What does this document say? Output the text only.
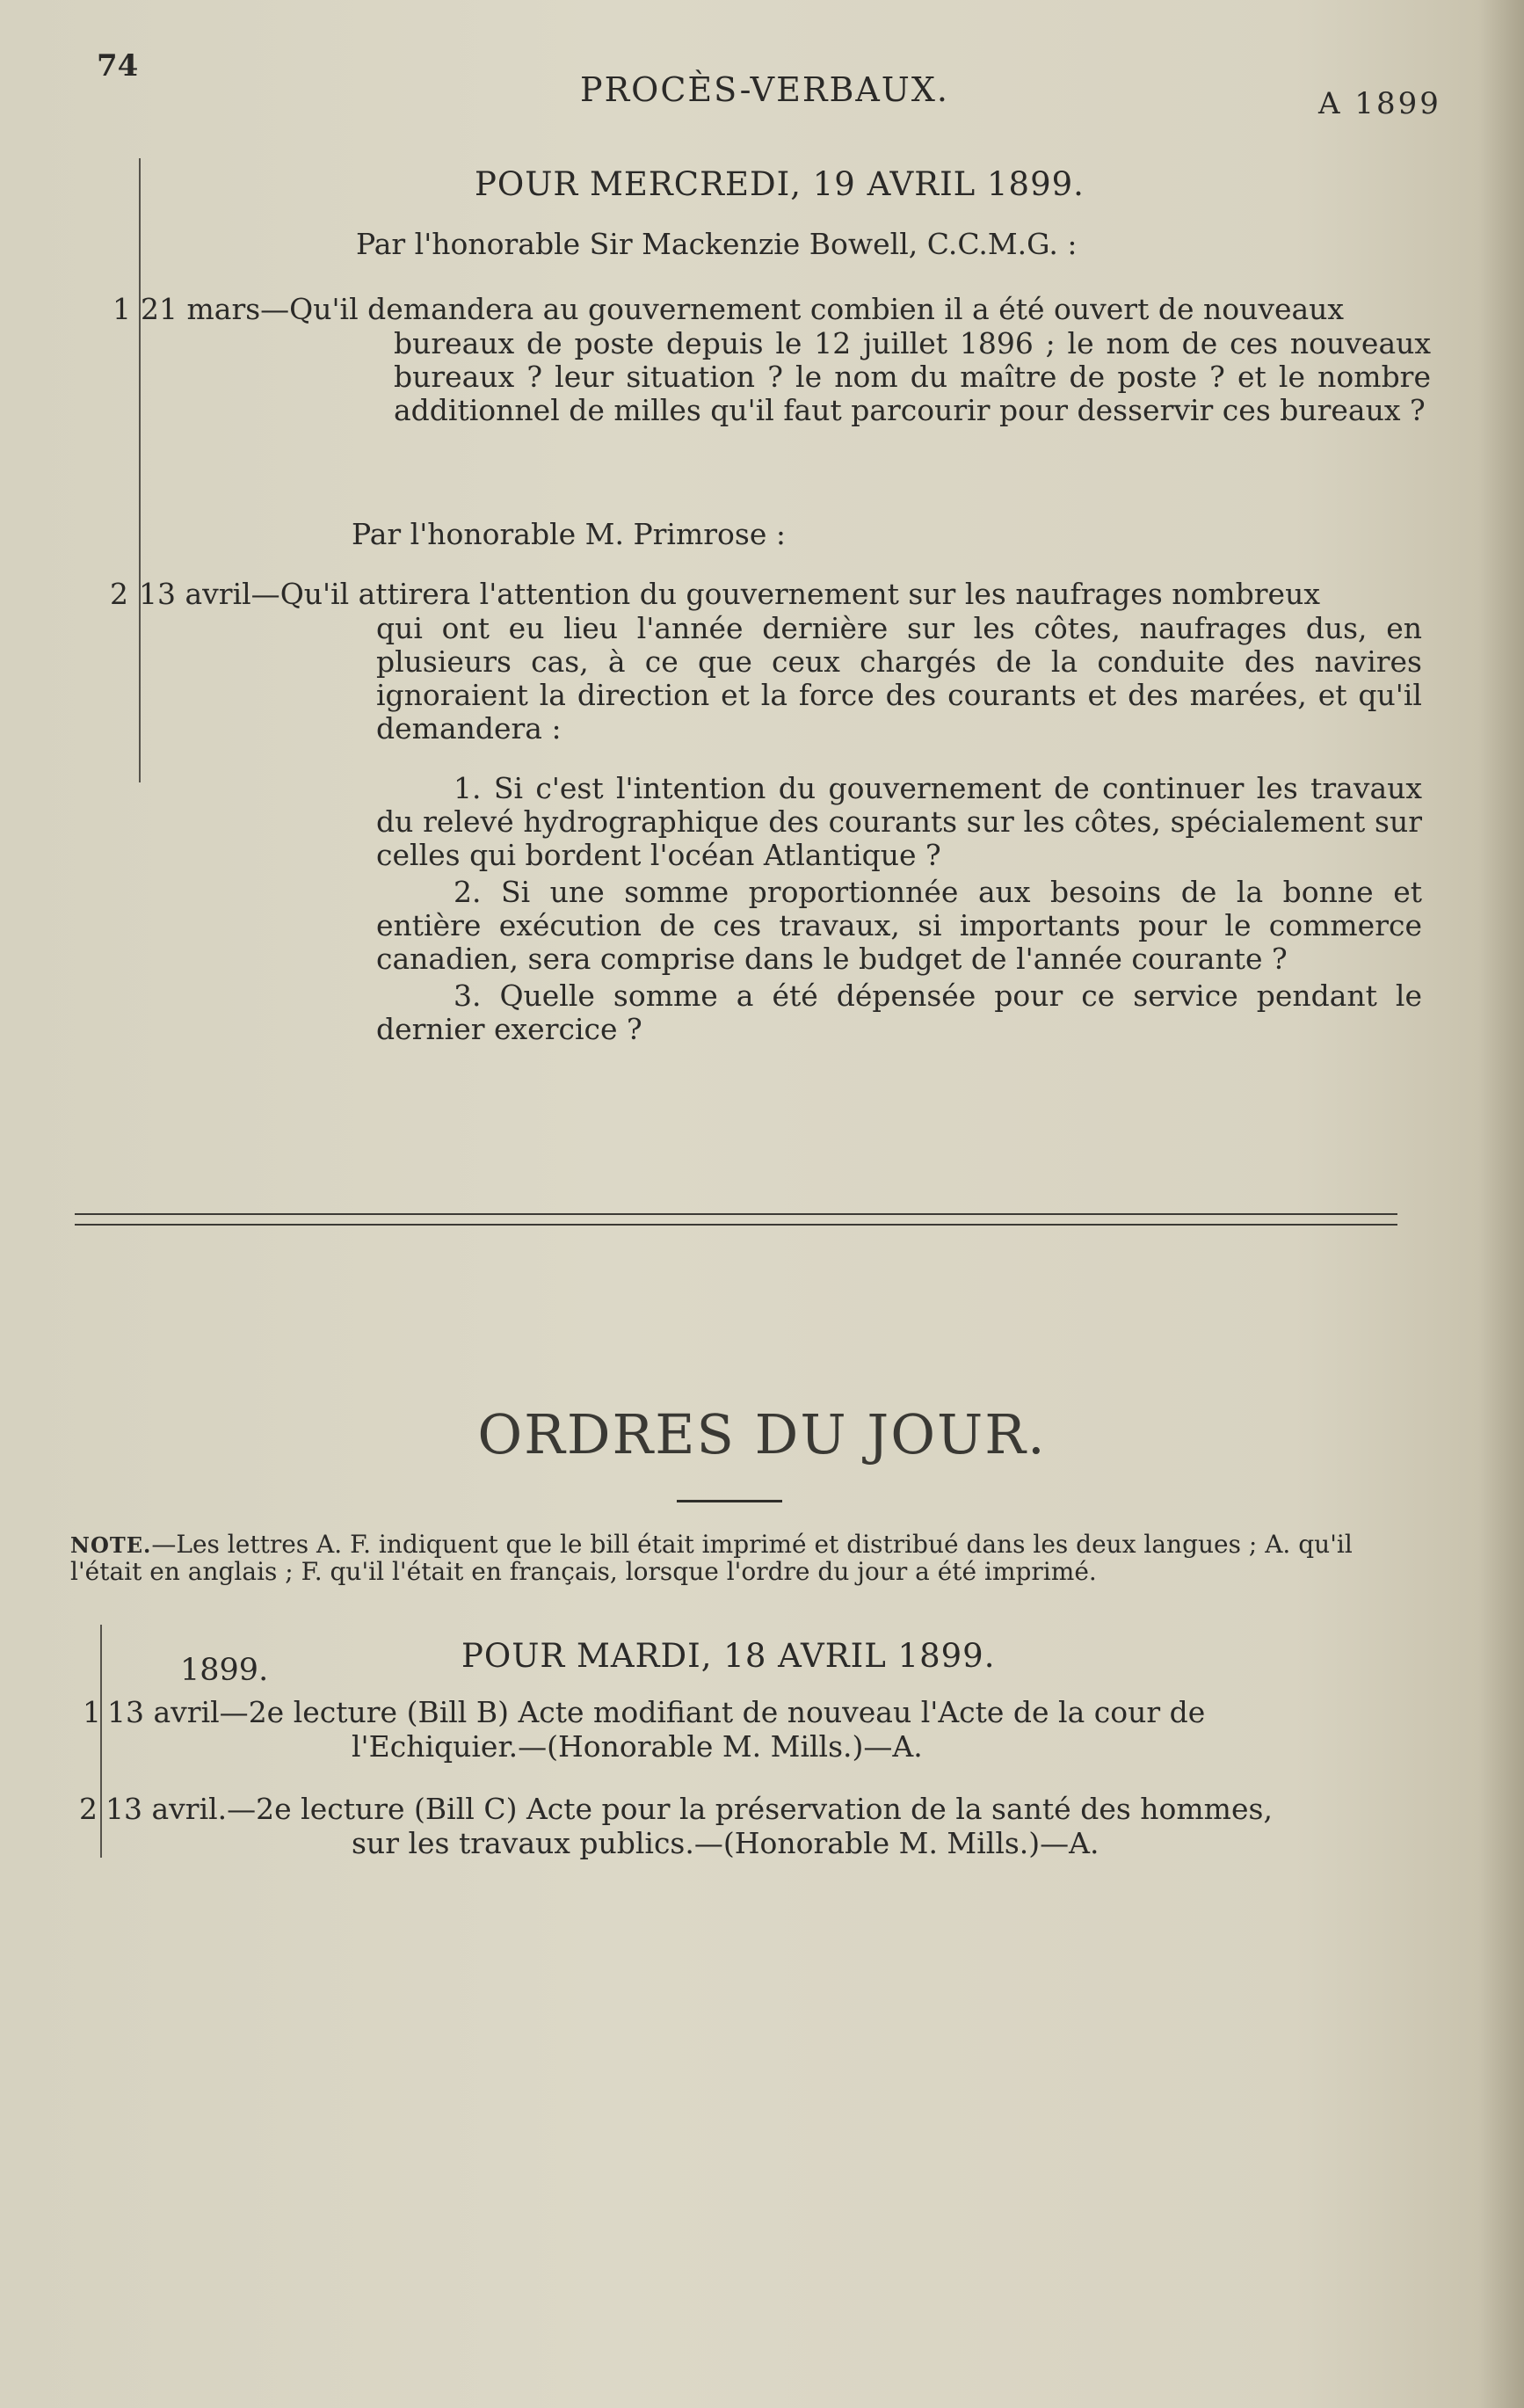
74
PROCÈS-VERBAUX.	A 1899
POUR MERCREDI, 19 AVRIL 1899.
Par l'honorable Sir Mackenzie Bowell, C.C.M.G. :
1 21 mars—Qu'il demandera au gouvernement combien il a été ouvert de nouveaux
bureaux de poste depuis le 12 juillet 1896 ; le nom de ces nouveaux bureaux ? leur situation ? le nom du maître de poste ? et le nombre additionnel de milles qu'il faut parcourir pour desservir ces bureaux ?
Par l'honorable M. Primrose :
2 13 avril—Qu'il attirera l'attention du gouvernement sur les naufrages nombreux
qui ont eu lieu l'année dernière sur les côtes, naufrages dus, en plusieurs cas, à ce que ceux chargés de la conduite des navires ignoraient la direction et la force des courants et des marées, et qu'il demandera :
1. Si c'est l'intention du gouvernement de continuer les travaux du relevé hydrographique des courants sur les côtes, spécialement sur celles qui bordent l'océan Atlantique ?
2. Si une somme proportionnée aux besoins de la bonne et entière exécution de ces travaux, si importants pour le commerce canadien, sera comprise dans le budget de l'année courante ?
3. Quelle somme a été dépensée pour ce service pendant le dernier exercice ?
ORDRES DU JOUR.
NOTE.—Les lettres A. F. indiquent que le bill était imprimé et distribué dans les deux langues ; A. qu'il l'était en anglais ; F. qu'il l'était en français, lorsque l'ordre du jour a été imprimé.
1899.	POUR MARDI, 18 AVRIL 1899.
1 13 avril—2e lecture (Bill B) Acte modifiant de nouveau l'Acte de la cour de
l'Echiquier.—(Honorable M. Mills.)—A.
2 13 avril.—2e lecture (Bill C) Acte pour la préservation de la santé des hommes,
sur les travaux publics.—(Honorable M. Mills.)—A.
